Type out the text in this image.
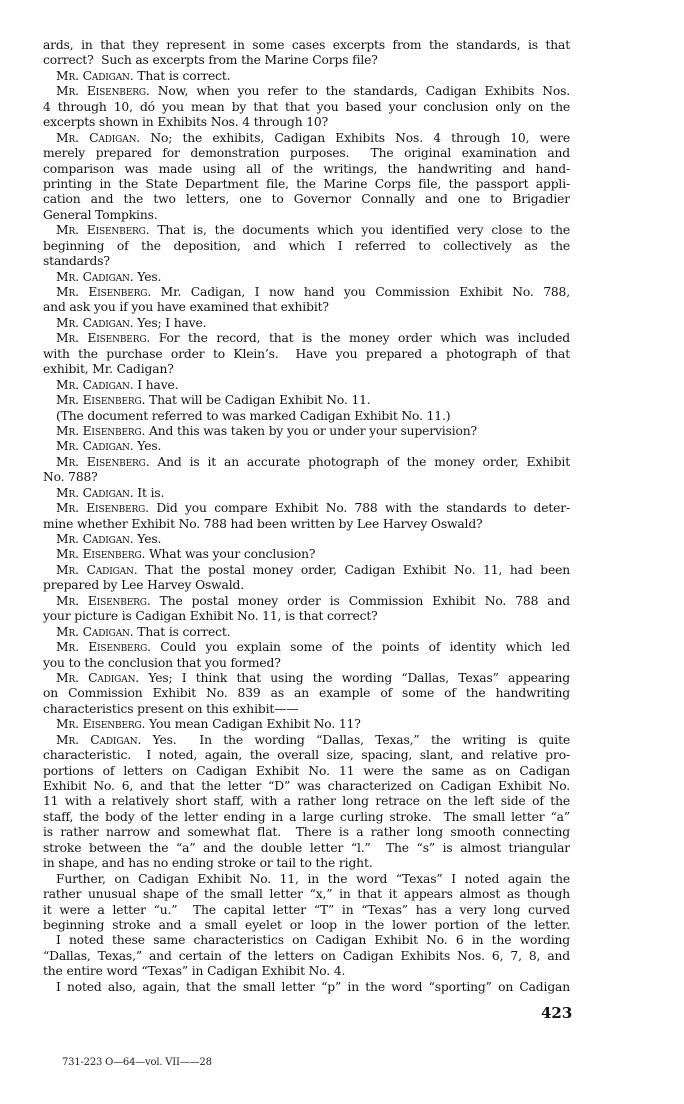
ards, in that they represent in some cases excerpts from the standards, is that
correct?  Such as excerpts from the Marine Corps file?
Mr. Cadigan. That is correct.
Mr. Eisenberg. Now, when you refer to the standards, Cadigan Exhibits Nos.
4 through 10, dó you mean by that that you based your conclusion only on the
excerpts shown in Exhibits Nos. 4 through 10?
Mr. Cadigan. No; the exhibits, Cadigan Exhibits Nos. 4 through 10, were
merely prepared for demonstration purposes.  The original examination and
comparison was made using all of the writings, the handwriting and hand-
printing in the State Department file, the Marine Corps file, the passport appli-
cation and the two letters, one to Governor Connally and one to Brigadier
General Tompkins.
Mr. Eisenberg. That is, the documents which you identified very close to the
beginning of the deposition, and which I referred to collectively as the
standards?
Mr. Cadigan. Yes.
Mr. Eisenberg. Mr. Cadigan, I now hand you Commission Exhibit No. 788,
and ask you if you have examined that exhibit?
Mr. Cadigan. Yes; I have.
Mr. Eisenberg. For the record, that is the money order which was included
with the purchase order to Klein’s.  Have you prepared a photograph of that
exhibit, Mr. Cadigan?
Mr. Cadigan. I have.
Mr. Eisenberg. That will be Cadigan Exhibit No. 11.
(The document referred to was marked Cadigan Exhibit No. 11.)
Mr. Eisenberg. And this was taken by you or under your supervision?
Mr. Cadigan. Yes.
Mr. Eisenberg. And is it an accurate photograph of the money order, Exhibit
No. 788?
Mr. Cadigan. It is.
Mr. Eisenberg. Did you compare Exhibit No. 788 with the standards to deter-
mine whether Exhibit No. 788 had been written by Lee Harvey Oswald?
Mr. Cadigan. Yes.
Mr. Eisenberg. What was your conclusion?
Mr. Cadigan. That the postal money order, Cadigan Exhibit No. 11, had been
prepared by Lee Harvey Oswald.
Mr. Eisenberg. The postal money order is Commission Exhibit No. 788 and
your picture is Cadigan Exhibit No. 11, is that correct?
Mr. Cadigan. That is correct.
Mr. Eisenberg. Could you explain some of the points of identity which led
you to the conclusion that you formed?
Mr. Cadigan. Yes; I think that using the wording “Dallas, Texas” appearing
on Commission Exhibit No. 839 as an example of some of the handwriting
characteristics present on this exhibit——
Mr. Eisenberg. You mean Cadigan Exhibit No. 11?
Mr. Cadigan. Yes.  In the wording “Dallas, Texas,” the writing is quite
characteristic.  I noted, again, the overall size, spacing, slant, and relative pro-
portions of letters on Cadigan Exhibit No. 11 were the same as on Cadigan
Exhibit No. 6, and that the letter “D” was characterized on Cadigan Exhibit No.
11 with a relatively short staff, with a rather long retrace on the left side of the
staff, the body of the letter ending in a large curling stroke.  The small letter “a”
is rather narrow and somewhat flat.  There is a rather long smooth connecting
stroke between the “a” and the double letter “l.”  The “s” is almost triangular
in shape, and has no ending stroke or tail to the right.
Further, on Cadigan Exhibit No. 11, in the word “Texas” I noted again the
rather unusual shape of the small letter “x,” in that it appears almost as though
it were a letter “u.”  The capital letter “T” in “Texas” has a very long curved
beginning stroke and a small eyelet or loop in the lower portion of the letter.
I noted these same characteristics on Cadigan Exhibit No. 6 in the wording
“Dallas, Texas,” and certain of the letters on Cadigan Exhibits Nos. 6, 7, 8, and
the entire word “Texas” in Cadigan Exhibit No. 4.
I noted also, again, that the small letter “p” in the word “sporting” on Cadigan
423
731-223 O—64—vol. VII——28
